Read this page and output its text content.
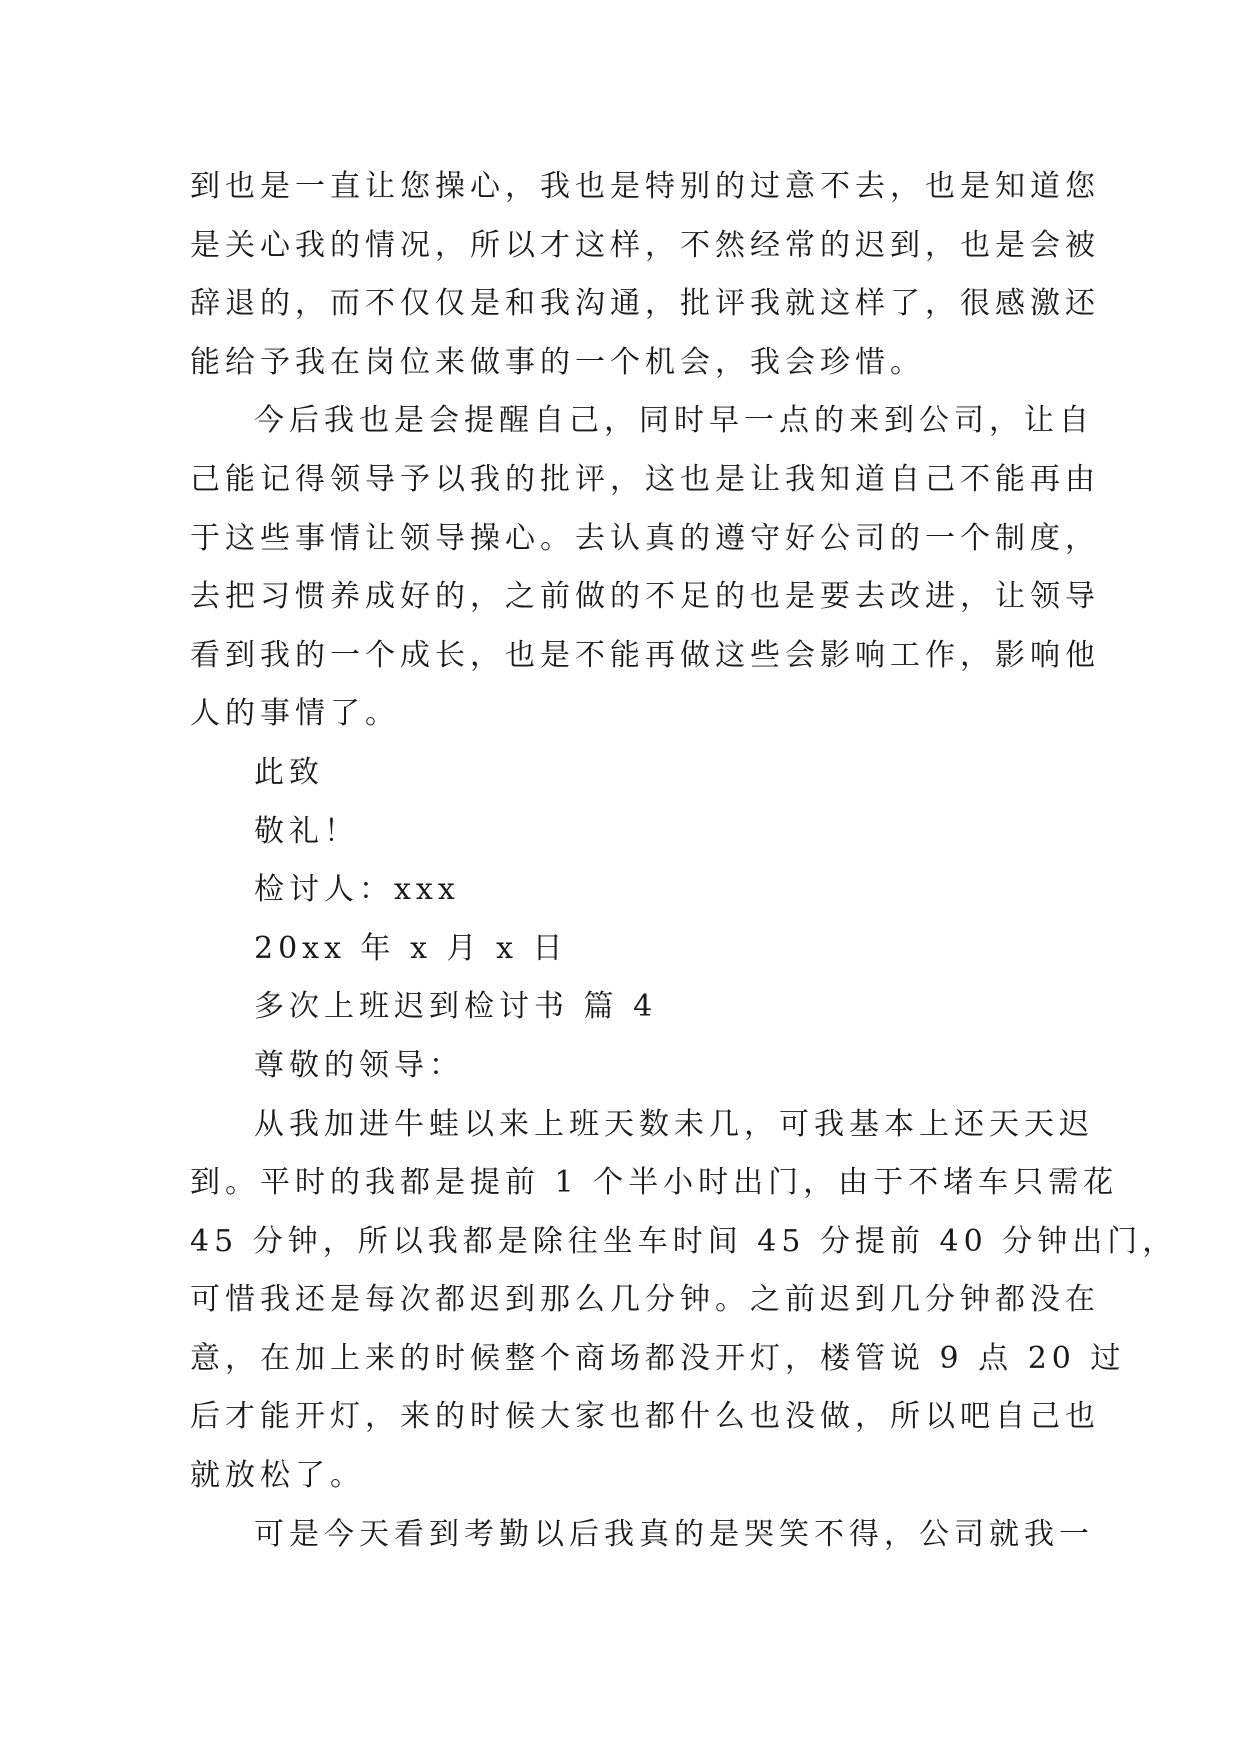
到也是一直让您操心，我也是特别的过意不去，也是知道您
是关心我的情况，所以才这样，不然经常的迟到，也是会被
辞退的，而不仅仅是和我沟通，批评我就这样了，很感激还
能给予我在岗位来做事的一个机会，我会珍惜。
今后我也是会提醒自己，同时早一点的来到公司，让自
己能记得领导予以我的批评，这也是让我知道自己不能再由
于这些事情让领导操心。去认真的遵守好公司的一个制度，
去把习惯养成好的，之前做的不足的也是要去改进，让领导
看到我的一个成长，也是不能再做这些会影响工作，影响他
人的事情了。
此致
敬礼！
检讨人：xxx
20xx 年 x 月 x 日
多次上班迟到检讨书 篇 4
尊敬的领导：
从我加进牛蛙以来上班天数未几，可我基本上还天天迟
到。平时的我都是提前 1 个半小时出门，由于不堵车只需花
45 分钟，所以我都是除往坐车时间 45 分提前 40 分钟出门，
可惜我还是每次都迟到那么几分钟。之前迟到几分钟都没在
意，在加上来的时候整个商场都没开灯，楼管说 9 点 20 过
后才能开灯，来的时候大家也都什么也没做，所以吧自己也
就放松了。
可是今天看到考勤以后我真的是哭笑不得，公司就我一
